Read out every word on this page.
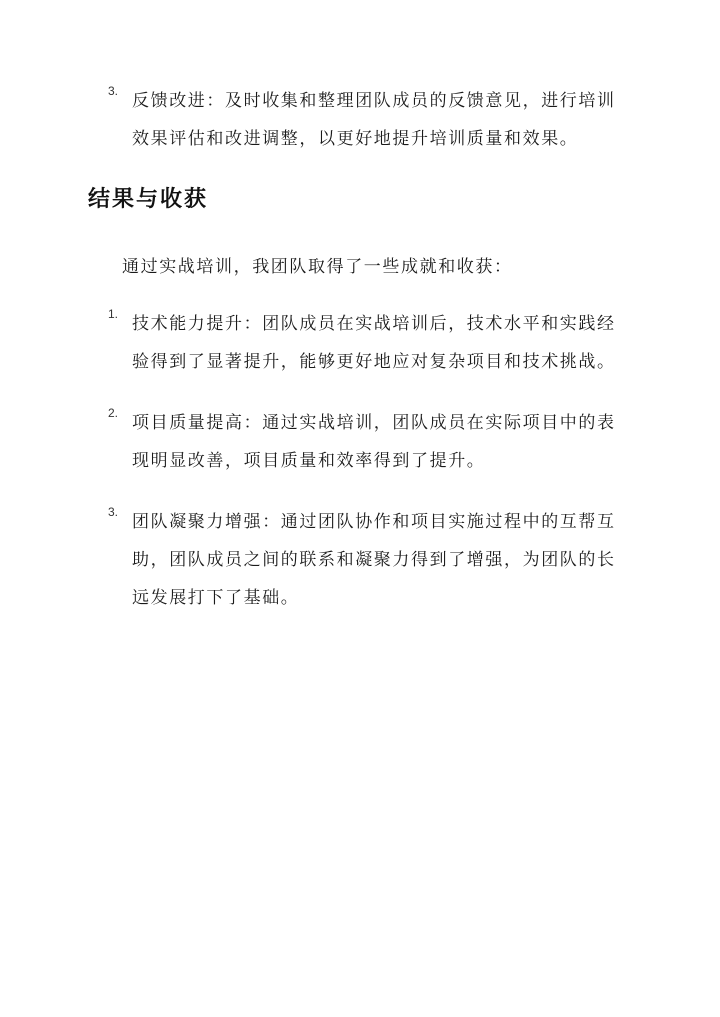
3. 反馈改进：及时收集和整理团队成员的反馈意见，进行培训效果评估和改进调整，以更好地提升培训质量和效果。
结果与收获

通过实战培训，我团队取得了一些成就和收获：

1. 技术能力提升：团队成员在实战培训后，技术水平和实践经验得到了显著提升，能够更好地应对复杂项目和技术挑战。
2. 项目质量提高：通过实战培训，团队成员在实际项目中的表现明显改善，项目质量和效率得到了提升。
3. 团队凝聚力增强：通过团队协作和项目实施过程中的互帮互助，团队成员之间的联系和凝聚力得到了增强，为团队的长远发展打下了基础。
